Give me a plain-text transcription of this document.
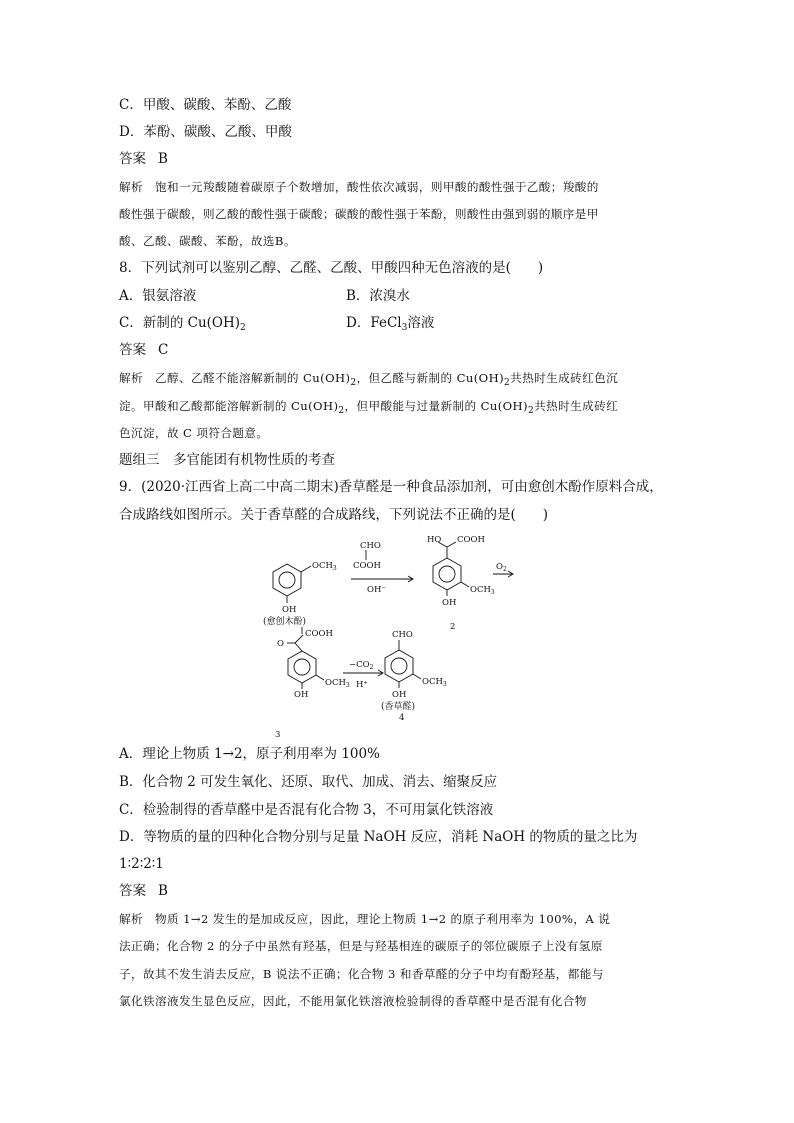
C．甲酸、碳酸、苯酚、乙酸
D．苯酚、碳酸、乙酸、甲酸
答案 B
解析 饱和一元羧酸随着碳原子个数增加，酸性依次减弱，则甲酸的酸性强于乙酸；羧酸的
酸性强于碳酸，则乙酸的酸性强于碳酸；碳酸的酸性强于苯酚，则酸性由强到弱的顺序是甲
酸、乙酸、碳酸、苯酚，故选B。
8．下列试剂可以鉴别乙醇、乙醛、乙酸、甲酸四种无色溶液的是(　　)
A．银氨溶液	B．浓溴水
C．新制的 $Cu(OH)_2$	D．FeCl$_3$溶液
答案 C
解析 乙醇、乙醛不能溶解新制的 $Cu(OH)_2$，但乙醛与新制的 $Cu(OH)_2$共热时生成砖红色沉
淀。甲酸和乙酸都能溶解新制的 $Cu(OH)_2$，但甲酸能与过量新制的 $Cu(OH)_2$共热时生成砖红
色沉淀，故 C 项符合题意。
题组三　多官能团有机物性质的考查
9．(2020·江西省上高二中高二期末)香草醛是一种食品添加剂，可由愈创木酚作原料合成，
合成路线如图所示。关于香草醛的合成路线，下列说法不正确的是(　　)
$OCH_3$
OH
(愈创木酚)
CHO
COOH
OH⁻
HO COOH
$OCH_3$
OH
2
$O_2$
O
COOH
$OCH_3$
OH
3
$-CO_2$
H⁺
CHO
$OCH_3$
OH
(香草醛)
4
A．理论上物质 1→2，原子利用率为 100%
B．化合物 2 可发生氧化、还原、取代、加成、消去、缩聚反应
C．检验制得的香草醛中是否混有化合物 3，不可用氯化铁溶液
D．等物质的量的四种化合物分别与足量 NaOH 反应，消耗 NaOH 的物质的量之比为
1∶2∶2∶1
答案 B
解析 物质 1→2 发生的是加成反应，因此，理论上物质 1→2 的原子利用率为 100%，A 说
法正确；化合物 2 的分子中虽然有羟基，但是与羟基相连的碳原子的邻位碳原子上没有氢原
子，故其不发生消去反应，B 说法不正确；化合物 3 和香草醛的分子中均有酚羟基，都能与
氯化铁溶液发生显色反应，因此，不能用氯化铁溶液检验制得的香草醛中是否混有化合物
